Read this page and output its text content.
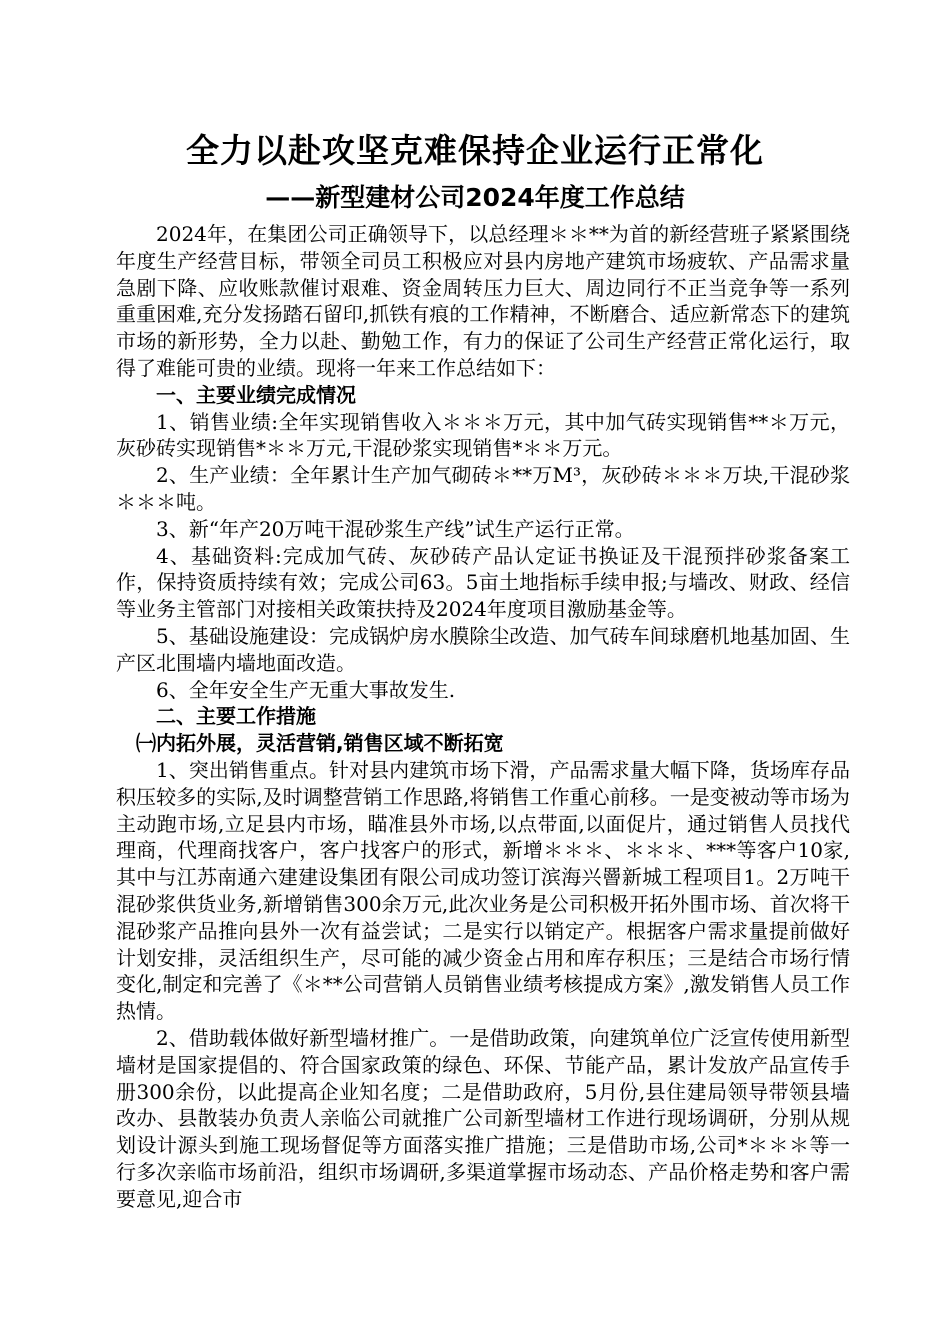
全力以赴攻坚克难保持企业运行正常化
——新型建材公司2024年度工作总结

2024年，在集团公司正确领导下，以总经理＊＊**为首的新经营班子紧紧围绕年度生产经营目标，带领全司员工积极应对县内房地产建筑市场疲软、产品需求量急剧下降、应收账款催讨艰难、资金周转压力巨大、周边同行不正当竞争等一系列重重困难,充分发扬踏石留印,抓铁有痕的工作精神，不断磨合、适应新常态下的建筑市场的新形势，全力以赴、勤勉工作，有力的保证了公司生产经营正常化运行，取得了难能可贵的业绩。现将一年来工作总结如下：

一、主要业绩完成情况

1、销售业绩:全年实现销售收入＊＊＊万元，其中加气砖实现销售**＊万元，灰砂砖实现销售*＊＊万元,干混砂浆实现销售*＊＊万元。

2、生产业绩：全年累计生产加气砌砖＊**万M³，灰砂砖＊＊＊万块,干混砂浆＊＊＊吨。

3、新“年产20万吨干混砂浆生产线”试生产运行正常。

4、基础资料:完成加气砖、灰砂砖产品认定证书换证及干混预拌砂浆备案工作，保持资质持续有效；完成公司63。5亩土地指标手续申报;与墙改、财政、经信等业务主管部门对接相关政策扶持及2024年度项目激励基金等。

5、基础设施建设：完成锅炉房水膜除尘改造、加气砖车间球磨机地基加固、生产区北围墙内墙地面改造。

6、全年安全生产无重大事故发生.

二、主要工作措施

㈠内拓外展，灵活营销,销售区域不断拓宽

1、突出销售重点。针对县内建筑市场下滑，产品需求量大幅下降，货场库存品积压较多的实际,及时调整营销工作思路,将销售工作重心前移。一是变被动等市场为主动跑市场,立足县内市场，瞄准县外市场,以点带面,以面促片，通过销售人员找代理商，代理商找客户，客户找客户的形式，新增＊＊＊、＊＊＊、***等客户10家,其中与江苏南通六建建设集团有限公司成功签订滨海兴罾新城工程项目1。2万吨干混砂浆供货业务,新增销售300余万元,此次业务是公司积极开拓外围市场、首次将干混砂浆产品推向县外一次有益尝试；二是实行以销定产。根据客户需求量提前做好计划安排，灵活组织生产，尽可能的减少资金占用和库存积压；三是结合市场行情变化,制定和完善了《＊**公司营销人员销售业绩考核提成方案》,激发销售人员工作热情。

2、借助载体做好新型墙材推广。一是借助政策，向建筑单位广泛宣传使用新型墙材是国家提倡的、符合国家政策的绿色、环保、节能产品，累计发放产品宣传手册300余份，以此提高企业知名度；二是借助政府，5月份,县住建局领导带领县墙改办、县散装办负责人亲临公司就推广公司新型墙材工作进行现场调研，分别从规划设计源头到施工现场督促等方面落实推广措施；三是借助市场,公司*＊＊＊等一行多次亲临市场前沿，组织市场调研,多渠道掌握市场动态、产品价格走势和客户需要意见,迎合市
